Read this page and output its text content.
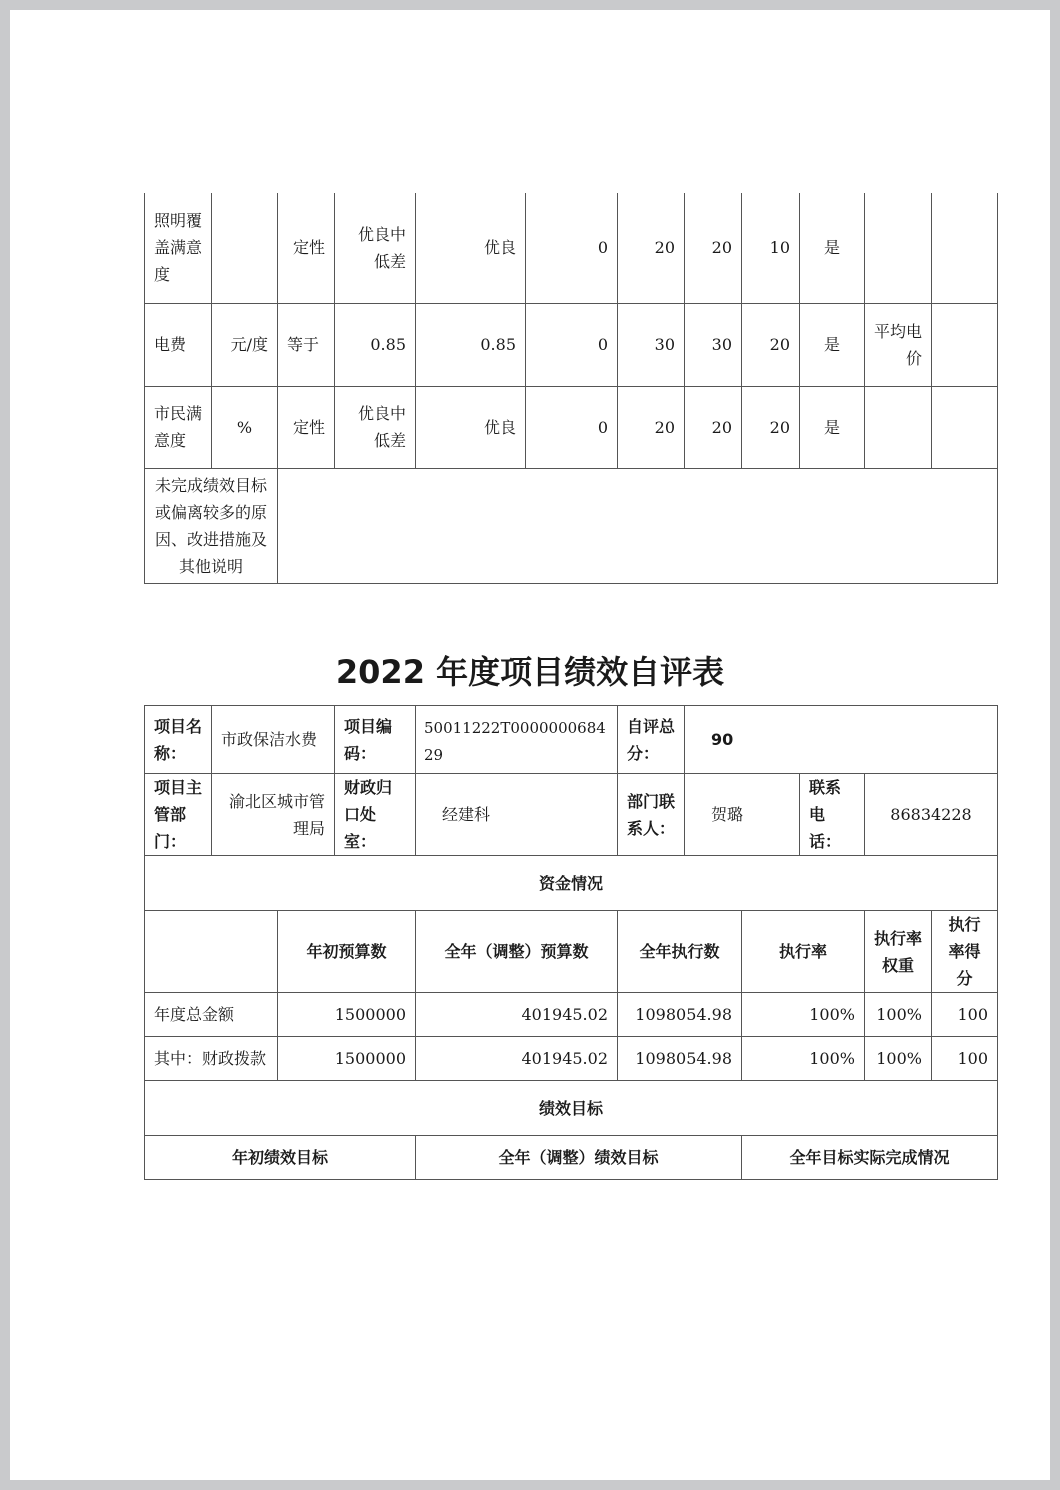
照明覆盖满意度		定性	优良中低差	优良	0	20	20	10	是		
电费	元/度	等于	0.85	0.85	0	30	30	20	是	平均电价	
市民满意度	%	定性	优良中低差	优良	0	20	20	20	是		
未完成绩效目标或偏离较多的原因、改进措施及其他说明											
2022 年度项目绩效自评表
项目名称：	市政保洁水费		项目编码：	50011222T000000068429	自评总分：	90				
项目主管部门：	渝北区城市管理局		财政归口处室：	经建科	部门联系人：	贺璐		联系电话：	86834228	
资金情况										
		年初预算数		全年（调整）预算数	全年执行数		执行率		执行率权重	执行率得分
年度总金额		1500000		401945.02	1098054.98		100%		100%	100
其中：财政拨款		1500000		401945.02	1098054.98		100%		100%	100
绩效目标										
年初绩效目标				全年（调整）绩效目标			全年目标实际完成情况			
